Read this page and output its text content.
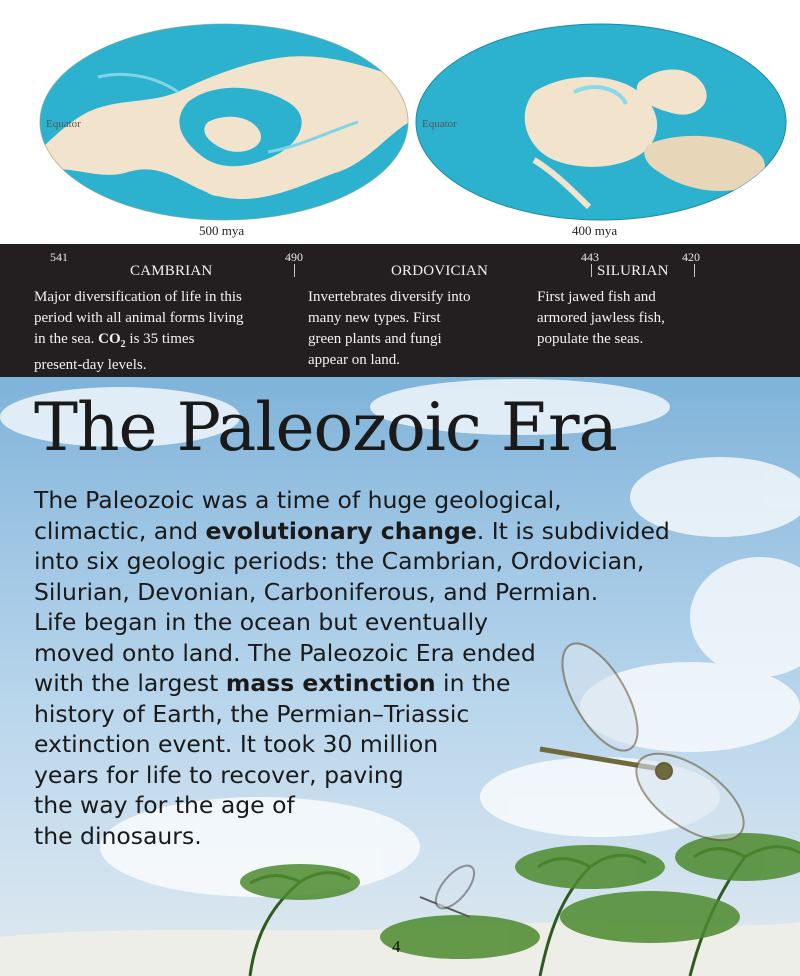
Equator
500 mya
Equator
400 mya
541	490	443	420
CAMBRIAN	|	ORDOVICIAN	| SILURIAN |
Major diversification of life in this
period with all animal forms living
in the sea. $CO_2$ is 35 times
present-day levels.
Invertebrates diversify into
many new types. First
green plants and fungi
appear on land.
First jawed fish and
armored jawless fish,
populate the seas.
The Paleozoic Era
The Paleozoic was a time of huge geological,
climactic, and evolutionary change. It is subdivided
into six geologic periods: the Cambrian, Ordovician,
Silurian, Devonian, Carboniferous, and Permian.
Life began in the ocean but eventually
moved onto land. The Paleozoic Era ended
with the largest mass extinction in the
history of Earth, the Permian–Triassic
extinction event. It took 30 million
years for life to recover, paving
the way for the age of
the dinosaurs.
4
